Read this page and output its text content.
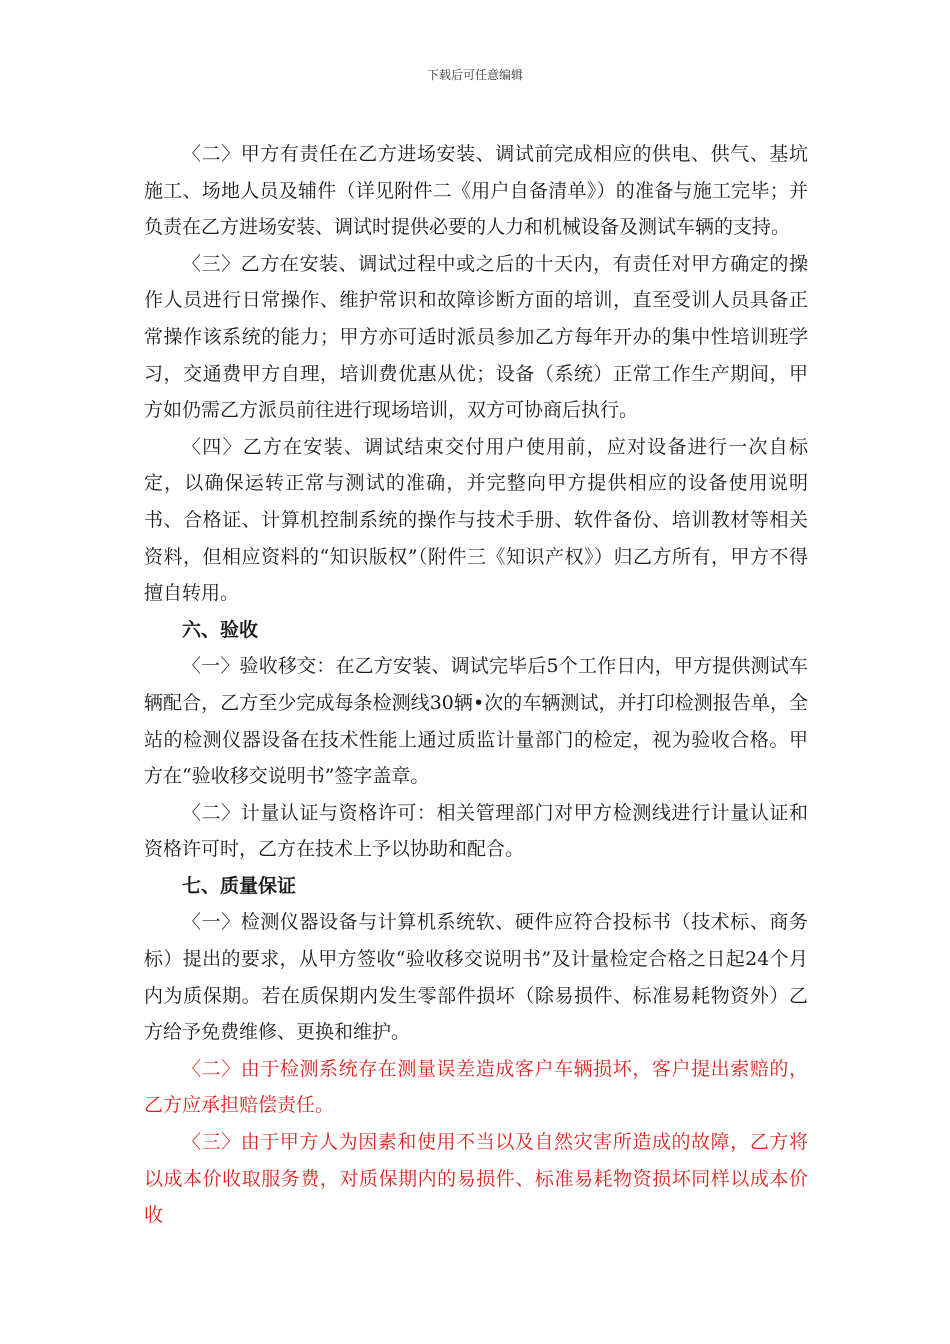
下载后可任意编辑

〈二〉甲方有责任在乙方进场安装、调试前完成相应的供电、供气、基坑施工、场地人员及辅件（详见附件二《用户自备清单》）的准备与施工完毕；并负责在乙方进场安装、调试时提供必要的人力和机械设备及测试车辆的支持。

〈三〉乙方在安装、调试过程中或之后的十天内，有责任对甲方确定的操作人员进行日常操作、维护常识和故障诊断方面的培训，直至受训人员具备正常操作该系统的能力；甲方亦可适时派员参加乙方每年开办的集中性培训班学习，交通费甲方自理，培训费优惠从优；设备（系统）正常工作生产期间，甲方如仍需乙方派员前往进行现场培训，双方可协商后执行。

〈四〉乙方在安装、调试结束交付用户使用前，应对设备进行一次自标定，以确保运转正常与测试的准确，并完整向甲方提供相应的设备使用说明书、合格证、计算机控制系统的操作与技术手册、软件备份、培训教材等相关资料，但相应资料的“知识版权”（附件三《知识产权》）归乙方所有，甲方不得擅自转用。

六、验收

〈一〉验收移交：在乙方安装、调试完毕后5个工作日内，甲方提供测试车辆配合，乙方至少完成每条检测线30辆•次的车辆测试，并打印检测报告单，全站的检测仪器设备在技术性能上通过质监计量部门的检定，视为验收合格。甲方在“验收移交说明书”签字盖章。

〈二〉计量认证与资格许可：相关管理部门对甲方检测线进行计量认证和资格许可时，乙方在技术上予以协助和配合。

七、质量保证

〈一〉检测仪器设备与计算机系统软、硬件应符合投标书（技术标、商务标）提出的要求，从甲方签收“验收移交说明书”及计量检定合格之日起24个月内为质保期。若在质保期内发生零部件损坏（除易损件、标准易耗物资外）乙方给予免费维修、更换和维护。

〈二〉由于检测系统存在测量误差造成客户车辆损坏，客户提出索赔的，乙方应承担赔偿责任。

〈三〉由于甲方人为因素和使用不当以及自然灾害所造成的故障，乙方将以成本价收取服务费，对质保期内的易损件、标准易耗物资损坏同样以成本价收
